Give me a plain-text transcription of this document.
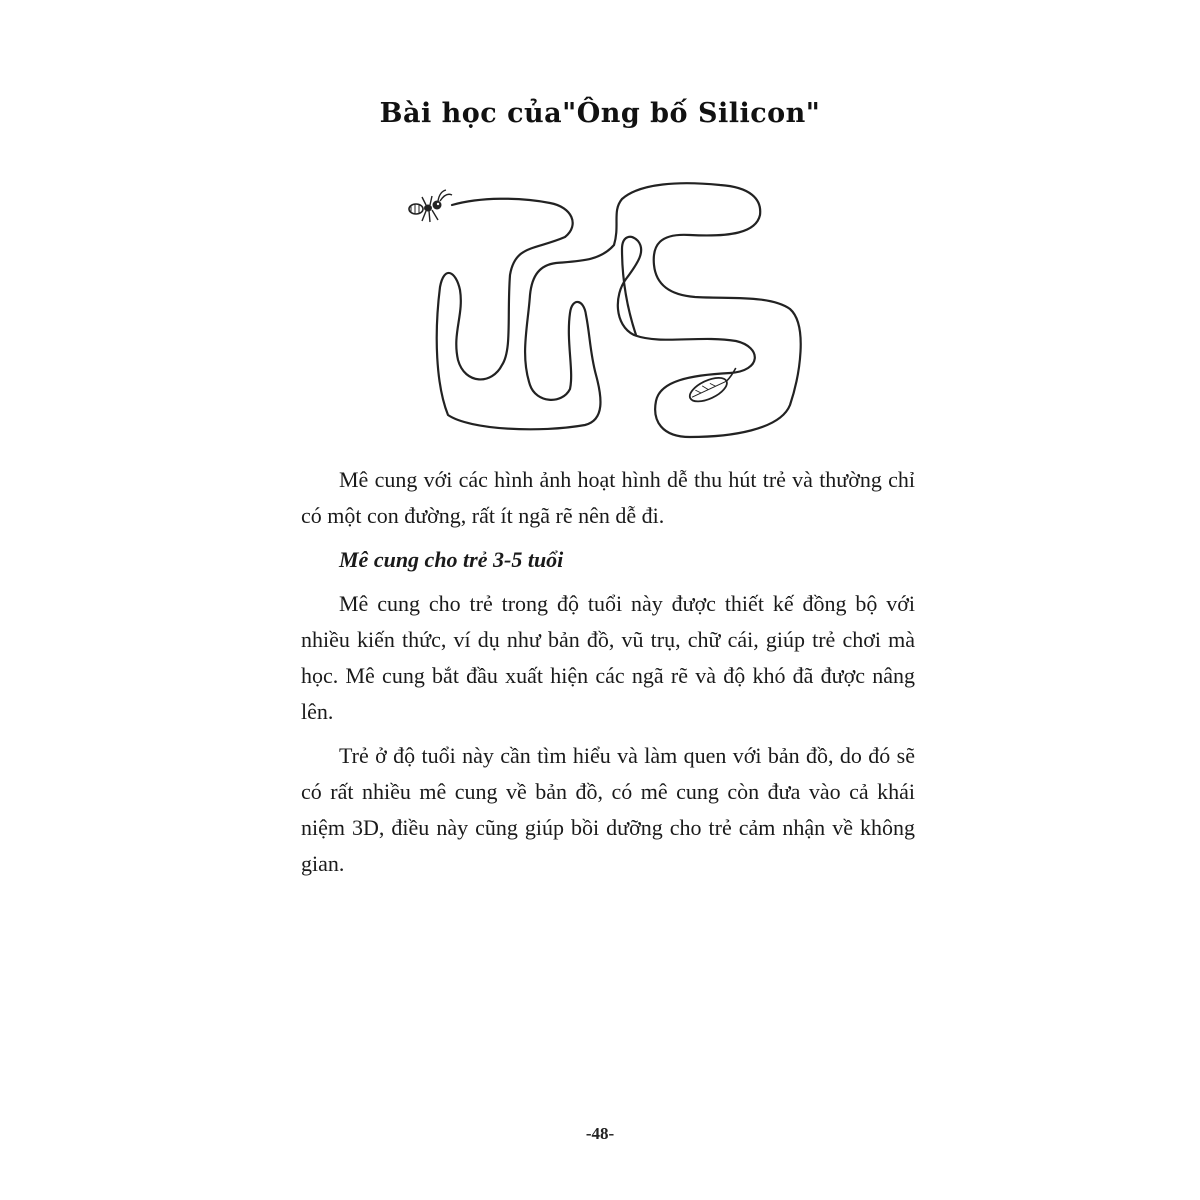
Bài học của"Ông bố Silicon"

Mê cung với các hình ảnh hoạt hình dễ thu hút trẻ và thường chỉ có một con đường, rất ít ngã rẽ nên dễ đi.

Mê cung cho trẻ 3-5 tuổi

Mê cung cho trẻ trong độ tuổi này được thiết kế đồng bộ với nhiều kiến thức, ví dụ như bản đồ, vũ trụ, chữ cái, giúp trẻ chơi mà học. Mê cung bắt đầu xuất hiện các ngã rẽ và độ khó đã được nâng lên.

Trẻ ở độ tuổi này cần tìm hiểu và làm quen với bản đồ, do đó sẽ có rất nhiều mê cung về bản đồ, có mê cung còn đưa vào cả khái niệm 3D, điều này cũng giúp bồi dưỡng cho trẻ cảm nhận về không gian.

-48-
